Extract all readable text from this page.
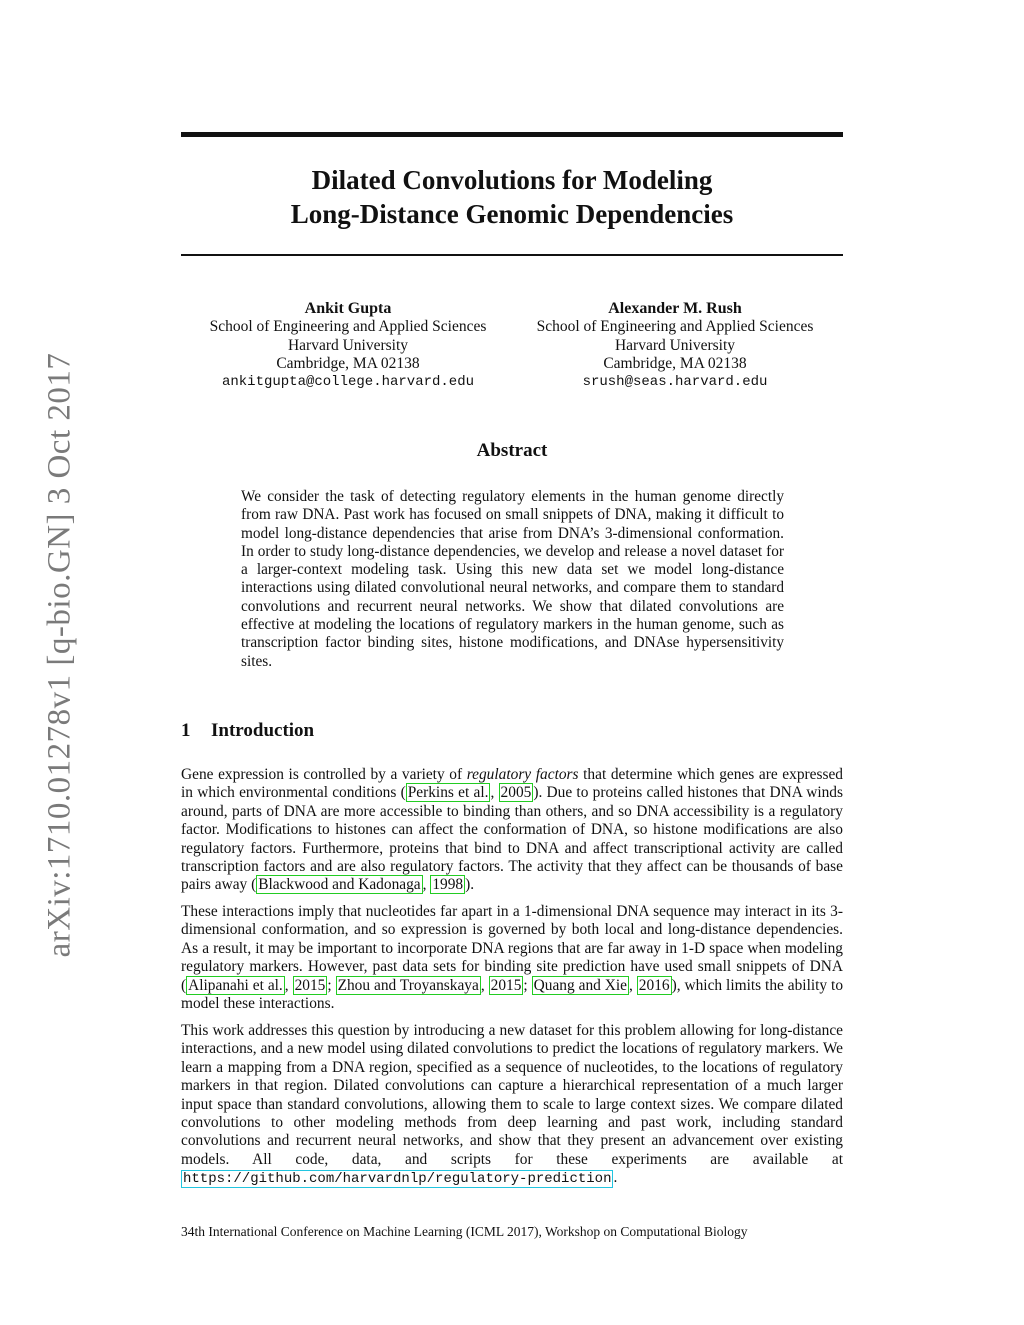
arXiv:1710.01278v1 [q-bio.GN] 3 Oct 2017
Dilated Convolutions for Modeling
Long-Distance Genomic Dependencies
Ankit Gupta
School of Engineering and Applied Sciences
Harvard University
Cambridge, MA 02138
ankitgupta@college.harvard.edu
Alexander M. Rush
School of Engineering and Applied Sciences
Harvard University
Cambridge, MA 02138
srush@seas.harvard.edu
Abstract

We consider the task of detecting regulatory elements in the human genome directly from raw DNA. Past work has focused on small snippets of DNA, making it difficult to model long-distance dependencies that arise from DNA’s 3-dimensional conformation. In order to study long-distance dependencies, we develop and release a novel dataset for a larger-context modeling task. Using this new data set we model long-distance interactions using dilated convolutional neural networks, and compare them to standard convolutions and recurrent neural networks. We show that dilated convolutions are effective at modeling the locations of regulatory markers in the human genome, such as transcription factor binding sites, histone modifications, and DNAse hypersensitivity sites.

1 Introduction

Gene expression is controlled by a variety of regulatory factors that determine which genes are expressed in which environmental conditions ( Perkins et al. , 2005 ). Due to proteins called histones that DNA winds around, parts of DNA are more accessible to binding than others, and so DNA accessibility is a regulatory factor. Modifications to histones can affect the conformation of DNA, so histone modifications are also regulatory factors. Furthermore, proteins that bind to DNA and affect transcriptional activity are called transcription factors and are also regulatory factors. The activity that they affect can be thousands of base pairs away ( Blackwood and Kadonaga , 1998 ).

These interactions imply that nucleotides far apart in a 1-dimensional DNA sequence may interact in its 3-dimensional conformation, and so expression is governed by both local and long-distance dependencies. As a result, it may be important to incorporate DNA regions that are far away in 1-D space when modeling regulatory markers. However, past data sets for binding site prediction have used small snippets of DNA ( Alipanahi et al. , 2015 ; Zhou and Troyanskaya , 2015 ; Quang and Xie , 2016 ), which limits the ability to model these interactions.

This work addresses this question by introducing a new dataset for this problem allowing for long-distance interactions, and a new model using dilated convolutions to predict the locations of regulatory markers. We learn a mapping from a DNA region, specified as a sequence of nucleotides, to the locations of regulatory markers in that region. Dilated convolutions can capture a hierarchical representation of a much larger input space than standard convolutions, allowing them to scale to large context sizes. We compare dilated convolutions to other modeling methods from deep learning and past work, including standard convolutions and recurrent neural networks, and show that they present an advancement over existing models. All code, data, and scripts for these experiments are available at https://github.com/harvardnlp/regulatory-prediction .

34th International Conference on Machine Learning (ICML 2017), Workshop on Computational Biology
